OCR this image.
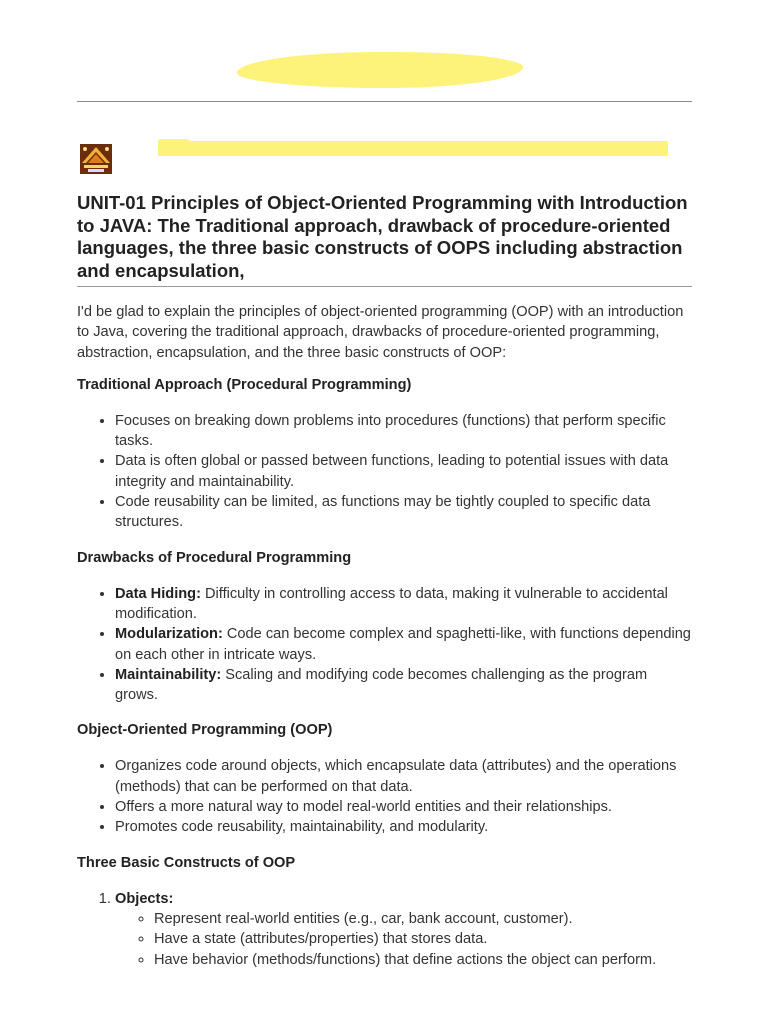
UNIT-01 Principles of Object-Oriented Programming with Introduction to JAVA: The Traditional approach, drawback of procedure-oriented languages, the three basic constructs of OOPS including abstraction and encapsulation,

I'd be glad to explain the principles of object-oriented programming (OOP) with an introduction to Java, covering the traditional approach, drawbacks of procedure-oriented programming, abstraction, encapsulation, and the three basic constructs of OOP:

Traditional Approach (Procedural Programming)
• Focuses on breaking down problems into procedures (functions) that perform specific tasks.
• Data is often global or passed between functions, leading to potential issues with data integrity and maintainability.
• Code reusability can be limited, as functions may be tightly coupled to specific data structures.
Drawbacks of Procedural Programming
• Data Hiding: Difficulty in controlling access to data, making it vulnerable to accidental modification.
• Modularization: Code can become complex and spaghetti-like, with functions depending on each other in intricate ways.
• Maintainability: Scaling and modifying code becomes challenging as the program grows.
Object-Oriented Programming (OOP)
• Organizes code around objects, which encapsulate data (attributes) and the operations (methods) that can be performed on that data.
• Offers a more natural way to model real-world entities and their relationships.
• Promotes code reusability, maintainability, and modularity.
Three Basic Constructs of OOP
1. Objects:
◦ Represent real-world entities (e.g., car, bank account, customer).
◦ Have a state (attributes/properties) that stores data.
◦ Have behavior (methods/functions) that define actions the object can perform.
